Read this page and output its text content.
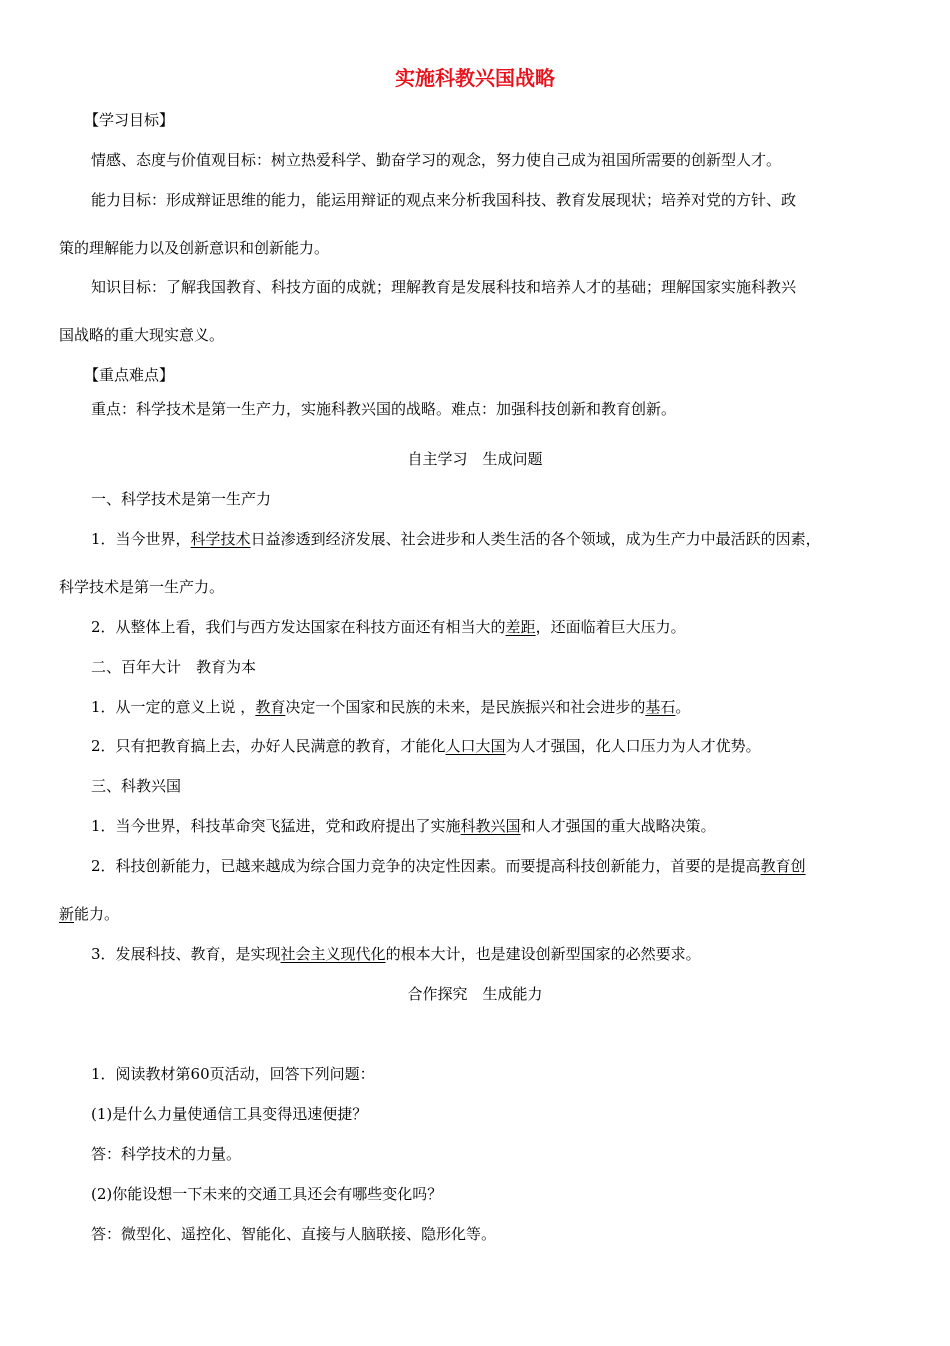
实施科教兴国战略
【学习目标】
情感、态度与价值观目标：树立热爱科学、勤奋学习的观念，努力使自己成为祖国所需要的创新型人才。
能力目标：形成辩证思维的能力，能运用辩证的观点来分析我国科技、教育发展现状；培养对党的方针、政
策的理解能力以及创新意识和创新能力。
知识目标：了解我国教育、科技方面的成就；理解教育是发展科技和培养人才的基础；理解国家实施科教兴
国战略的重大现实意义。
【重点难点】
重点：科学技术是第一生产力，实施科教兴国的战略。难点：加强科技创新和教育创新。
自主学习　生成问题
一、科学技术是第一生产力
1．当今世界，科学技术日益渗透到经济发展、社会进步和人类生活的各个领域，成为生产力中最活跃的因素，
科学技术是第一生产力。
2．从整体上看，我们与西方发达国家在科技方面还有相当大的差距，还面临着巨大压力。
二、百年大计　教育为本
1．从一定的意义上说 ，教育决定一个国家和民族的未来，是民族振兴和社会进步的基石。
2．只有把教育搞上去，办好人民满意的教育，才能化人口大国为人才强国，化人口压力为人才优势。
三、科教兴国
1．当今世界，科技革命突飞猛进，党和政府提出了实施科教兴国和人才强国的重大战略决策。
2．科技创新能力，已越来越成为综合国力竞争的决定性因素。而要提高科技创新能力，首要的是提高教育创
新能力。
3．发展科技、教育，是实现社会主义现代化的根本大计，也是建设创新型国家的必然要求。
合作探究　生成能力
1．阅读教材第60页活动，回答下列问题：
(1)是什么力量使通信工具变得迅速便捷？
答：科学技术的力量。
(2)你能设想一下未来的交通工具还会有哪些变化吗？
答：微型化、遥控化、智能化、直接与人脑联接、隐形化等。
